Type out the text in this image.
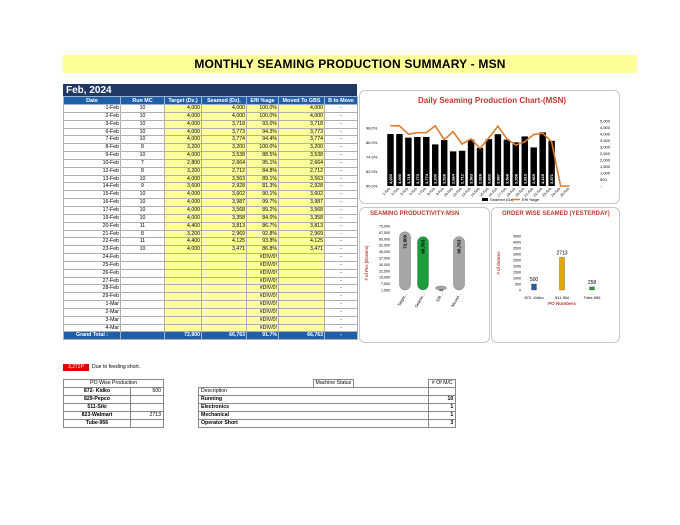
MONTHLY SEAMING PRODUCTION SUMMARY - MSN
Feb, 2024
Date	Run MC	Target (Dz.)	Seamed (Dz).	Effi %age	Moved To GBS	B to Move
1-Feb	10	4,000	4,000	100.0%	4,000	-
2-Feb	10	4,000	4,000	100.0%	4,000	-
3-Feb	10	4,000	3,718	93.0%	3,718	-
6-Feb	10	4,000	3,773	94.3%	3,773	-
7-Feb	10	4,000	3,774	94.4%	3,774	-
8-Feb	8	3,200	3,200	100.0%	3,200	-
9-Feb	10	4,000	3,538	88.5%	3,538	-
10-Feb	7	2,800	2,664	95.1%	2,664	-
12-Feb	8	3,200	2,712	84.8%	2,712	-
13-Feb	10	4,000	3,563	89.1%	3,563	-
14-Feb	9	3,600	2,928	81.3%	2,928	-
15-Feb	10	4,000	3,602	90.1%	3,602	-
16-Feb	10	4,000	3,987	99.7%	3,987	-
17-Feb	10	4,000	3,568	89.2%	3,568	-
19-Feb	10	4,000	3,358	84.0%	3,358	-
20-Feb	11	4,400	3,813	86.7%	3,813	-
21-Feb	8	3,200	2,969	92.8%	2,969	-
22-Feb	11	4,400	4,125	93.8%	4,125	-
23-Feb	10	4,000	3,471	86.8%	3,471	-
24-Feb				#DIV/0!		-
25-Feb				#DIV/0!		-
26-Feb				#DIV/0!		-
27-Feb				#DIV/0!		-
28-Feb				#DIV/0!		-
29-Feb				#DIV/0!		-
1-Mar				#DIV/0!		-
2-Mar				#DIV/0!		-
3-Mar				#DIV/0!		-
4-Mar				#DIV/0!		-
Grand Total :		72,800	66,763	91.7%	66,763	-
3,272P	Due to feeding short.
Daily Seaming Production Chart-(MSN)
98.0%
86.0%
74.0%
62.0%
50.0%
5,000
4,500
4,000
3,500
3,000
2,500
2,000
1,500
1,000
500
-
4,000
1-Feb
4,000
2-Feb
3,718
3-Feb
3,773
6-Feb
3,774
7-Feb
3,200
8-Feb
3,538
9-Feb
2,664
10-Feb
2,712
12-Feb
3,563
13-Feb
2,928
14-Feb
3,602
15-Feb
3,987
16-Feb
3,568
17-Feb
3,358
19-Feb
3,813
20-Feb
2,969
21-Feb
4,125
22-Feb
3,471
23-Feb
24-Feb
25-Feb
Seamed (Dz) Effi %age
SEAMING PRODUCTIVITY-MSN
75,000
67,500
60,000
52,500
45,000
37,500
30,000
22,500
15,000
7,500
1,500
# of Pcs (Dozens)
72,800
Target...
66,763
Seame...
1
Effi...
66,763
Moved...
ORDER WISE SEAMED (YESTERDAY)
4500
4000
3500
3000
2500
2000
1500
1000
500
0
# of dozens
500
872- Kidko
2713
511-Siki
258
Tube-956
PO Numbers
PO Wise Production	
872- Kidko	500
829-Pepco	
511-Siki	
823-Walmart	2713
Tube-956	
	Machine Status		# Of M/C
Description			
Running			10
Electronics			1
Mechanical			1
Operator Short			3
